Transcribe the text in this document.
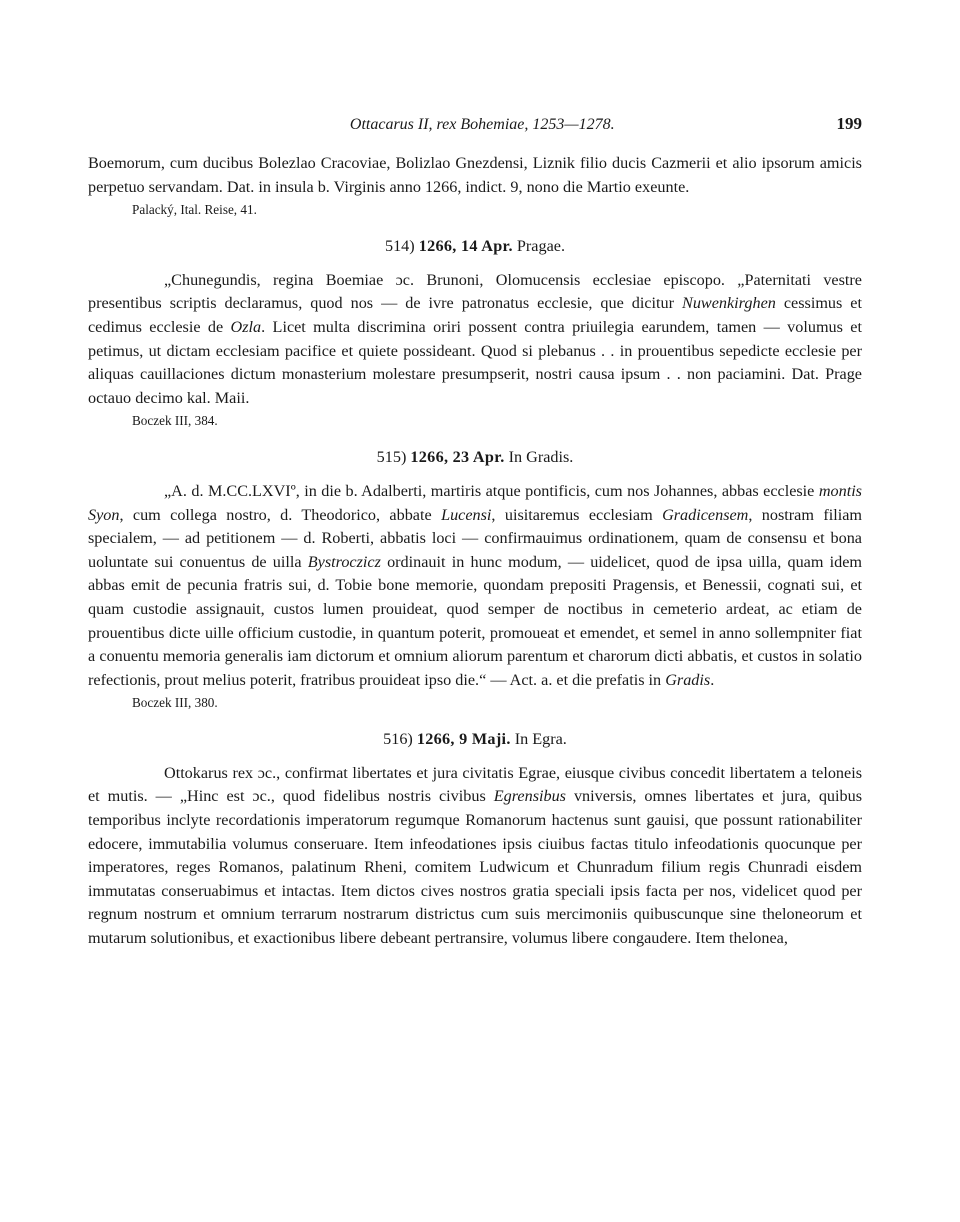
Ottacarus II, rex Bohemiae, 1253—1278.	199

Boemorum, cum ducibus Bolezlao Cracoviae, Bolizlao Gnezdensi, Liznik filio ducis Cazmerii et alio ipsorum amicis perpetuo servandam. Dat. in insula b. Virginis anno 1266, indict. 9, nono die Martio exeunte.

Palacký, Ital. Reise, 41.

514) 1266, 14 Apr. Pragae.

„Chunegundis, regina Boemiae ɔc. Brunoni, Olomucensis ecclesiae episcopo. „Paternitati vestre presentibus scriptis declaramus, quod nos — de ivre patronatus ecclesie, que dicitur Nuwenkirghen cessimus et cedimus ecclesie de Ozla. Licet multa discrimina oriri possent contra priuilegia earundem, tamen — volumus et petimus, ut dictam ecclesiam pacifice et quiete possideant. Quod si plebanus . . in prouentibus sepedicte ecclesie per aliquas cauillaciones dictum monasterium molestare presumpserit, nostri causa ipsum . . non paciamini. Dat. Prage octauo decimo kal. Maii.

Boczek III, 384.

515) 1266, 23 Apr. In Gradis.

„A. d. M.CC.LXVIº, in die b. Adalberti, martiris atque pontificis, cum nos Johannes, abbas ecclesie montis Syon, cum collega nostro, d. Theodorico, abbate Lucensi, uisitaremus ecclesiam Gradicensem, nostram filiam specialem, — ad petitionem — d. Roberti, abbatis loci — confirmauimus ordinationem, quam de consensu et bona uoluntate sui conuentus de uilla Bystroczicz ordinauit in hunc modum, — uidelicet, quod de ipsa uilla, quam idem abbas emit de pecunia fratris sui, d. Tobie bone memorie, quondam prepositi Pragensis, et Benessii, cognati sui, et quam custodie assignauit, custos lumen prouideat, quod semper de noctibus in cemeterio ardeat, ac etiam de prouentibus dicte uille officium custodie, in quantum poterit, promoueat et emendet, et semel in anno sollempniter fiat a conuentu memoria generalis iam dictorum et omnium aliorum parentum et charorum dicti abbatis, et custos in solatio refectionis, prout melius poterit, fratribus prouideat ipso die.“ — Act. a. et die prefatis in Gradis.

Boczek III, 380.

516) 1266, 9 Maji. In Egra.

Ottokarus rex ɔc., confirmat libertates et jura civitatis Egrae, eiusque civibus concedit libertatem a teloneis et mutis. — „Hinc est ɔc., quod fidelibus nostris civibus Egrensibus vniversis, omnes libertates et jura, quibus temporibus inclyte recordationis imperatorum regumque Romanorum hactenus sunt gauisi, que possunt rationabiliter edocere, immutabilia volumus conseruare. Item infeodationes ipsis ciuibus factas titulo infeodationis quocunque per imperatores, reges Romanos, palatinum Rheni, comitem Ludwicum et Chunradum filium regis Chunradi eisdem immutatas conseruabimus et intactas. Item dictos cives nostros gratia speciali ipsis facta per nos, videlicet quod per regnum nostrum et omnium terrarum nostrarum districtus cum suis mercimoniis quibuscunque sine theloneorum et mutarum solutionibus, et exactionibus libere debeant pertransire, volumus libere congaudere. Item thelonea,
